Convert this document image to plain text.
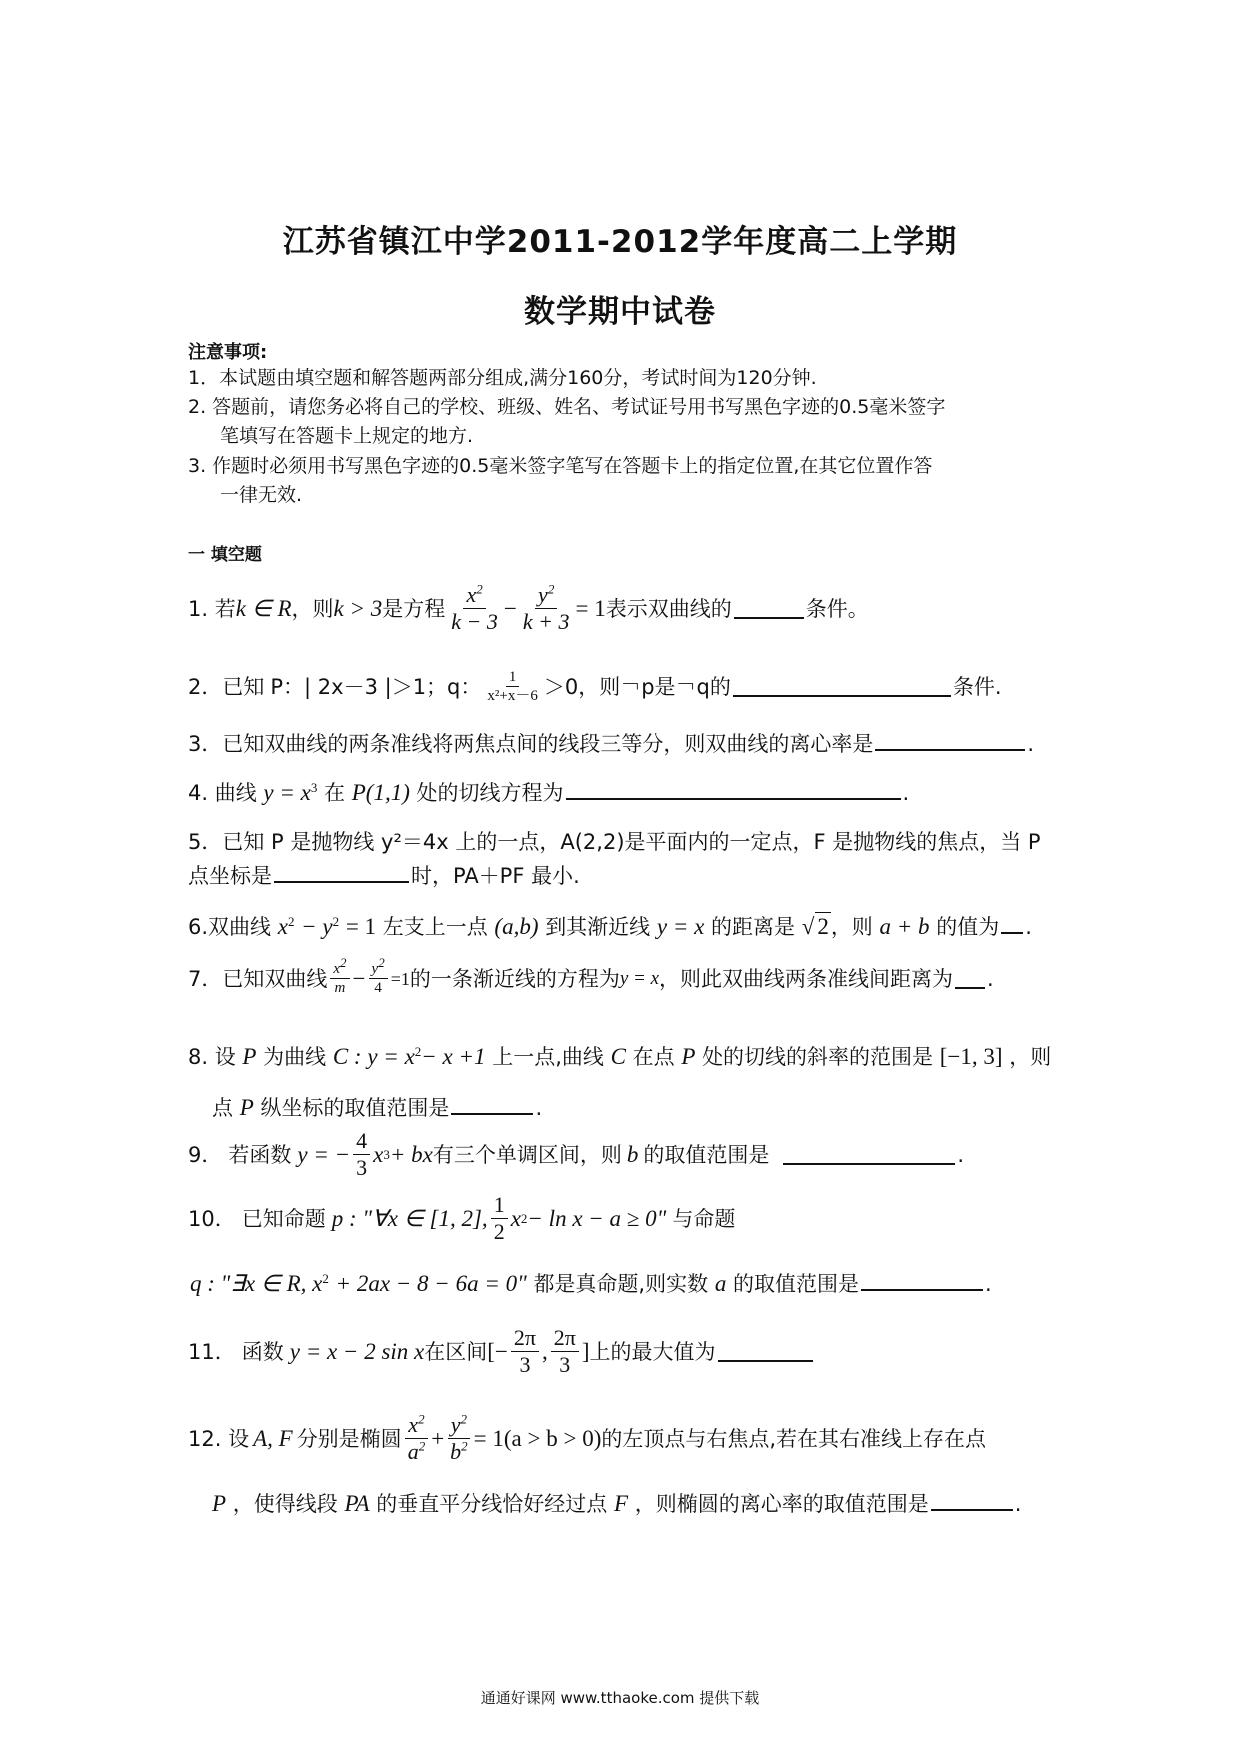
江苏省镇江中学2011-2012学年度高二上学期
数学期中试卷
注意事项:
1．本试题由填空题和解答题两部分组成,满分160分，考试时间为120分钟.
2. 答题前，请您务必将自己的学校、班级、姓名、考试证号用书写黑色字迹的0.5毫米签字
笔填写在答题卡上规定的地方.
3. 作题时必须用书写黑色字迹的0.5毫米签字笔写在答题卡上的指定位置,在其它位置作答
一律无效.
一 填空题
1.
若 k ∈ R ，则 k > 3 是方程 $\frac{x^2}{k - 3} - \frac{y^2}{k + 3} = 1$ 表示双曲线的	条件。
2． 已知 P：| 2x－3 |＞1；q： $\frac{1}{\text{x²+x－6}} >0$，则￢p是￢q的	条件.
3．已知双曲线的两条准线将两焦点间的线段三等分，则双曲线的离心率是	.
4. 曲线 $y = x^3$ 在 P(1,1) 处的切线方程为	.
5．已知 P 是抛物线 y²＝4x 上的一点，A(2,2)是平面内的一定点，F 是抛物线的焦点，当 P
点坐标是	时，PA＋PF 最小.
6.双曲线 $x^2 - y^2 = 1$ 左支上一点 (a,b) 到其渐近线 y = x 的距离是 √ 2，则 a + b 的值为 .
7． 已知双曲线 $\frac{x^2}{m} - \frac{y^2}{4} =1$ 的一条渐近线的方程为 y = x ，则此双曲线两条准线间距离为 .
8. 设 P 为曲线 C : $y = x^2- x +1$ 上一点,曲线 C 在点 P 处的切线的斜率的范围是 [−1, 3] ，则
点 P 纵坐标的取值范围是	.
9． 若函数 y = − $\frac{4}{3}$ x 3 + bx 有三个单调区间，则 b 的取值范围是	.
10． 已知命题 p : "∀x ∈ [1, 2], $\frac{1}{2}$ x 2 − ln x − a ≥ 0" 与命题
q : "∃x ∈ R, $x^2 + 2ax - 8 - 6a = 0$" 都是真命题,则实数 a 的取值范围是	.
11． 函数 y = x − 2 sin x 在区间 [− $\frac{2\pi}{3}$ , $\frac{2\pi}{3}$ ] 上的最大值为
12. 设 A, F 分别是椭圆 $\frac{x^2}{a^2} + \frac{y^2}{b^2} = 1(a > b > 0)$ 的左顶点与右焦点,若在其右准线上存在点
P ，使得线段 PA 的垂直平分线恰好经过点 F ，则椭圆的离心率的取值范围是	.
通通好课网 www.tthaoke.com 提供下载
